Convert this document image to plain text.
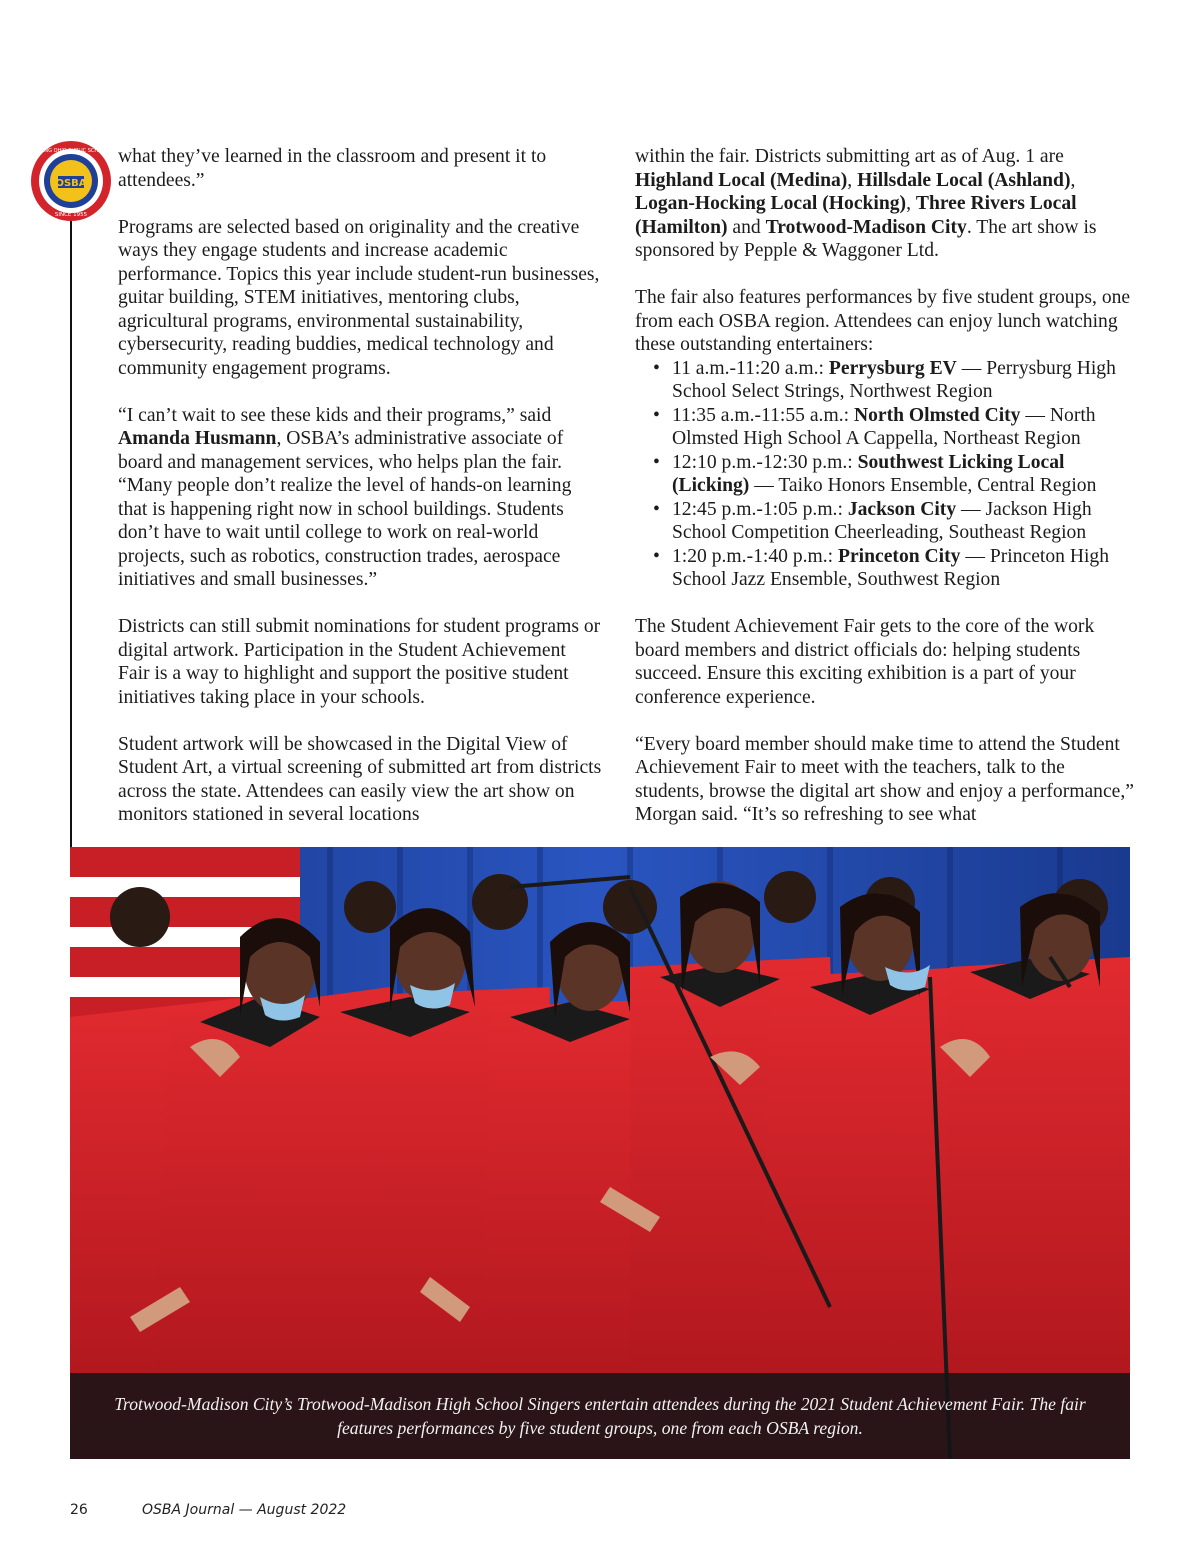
OSBA
SERVING OHIO PUBLIC SCHOOLS
SINCE 1955

what they’ve learned in the classroom and present it to attendees.”

Programs are selected based on originality and the creative ways they engage students and increase academic performance. Topics this year include student-run businesses, guitar building, STEM initiatives, mentoring clubs, agricultural programs, environmental sustainability, cybersecurity, reading buddies, medical technology and community engagement programs.

“I can’t wait to see these kids and their programs,” said Amanda Husmann, OSBA’s administrative associate of board and management services, who helps plan the fair. “Many people don’t realize the level of hands-on learning that is happening right now in school buildings. Students don’t have to wait until college to work on real-world projects, such as robotics, construction trades, aerospace initiatives and small businesses.”

Districts can still submit nominations for student programs or digital artwork. Participation in the Student Achievement Fair is a way to highlight and support the positive student initiatives taking place in your schools.

Student artwork will be showcased in the Digital View of Student Art, a virtual screening of submitted art from districts across the state. Attendees can easily view the art show on monitors stationed in several locations

within the fair. Districts submitting art as of Aug. 1 are Highland Local (Medina), Hillsdale Local (Ashland), Logan-Hocking Local (Hocking), Three Rivers Local (Hamilton) and Trotwood-Madison City. The art show is sponsored by Pepple & Waggoner Ltd.

The fair also features performances by five student groups, one from each OSBA region. Attendees can enjoy lunch watching these outstanding entertainers:

• 11 a.m.-11:20 a.m.: Perrysburg EV — Perrysburg High School Select Strings, Northwest Region
• 11:35 a.m.-11:55 a.m.: North Olmsted City — North Olmsted High School A Cappella, Northeast Region
• 12:10 p.m.-12:30 p.m.: Southwest Licking Local (Licking) — Taiko Honors Ensemble, Central Region
• 12:45 p.m.-1:05 p.m.: Jackson City — Jackson High School Competition Cheerleading, Southeast Region
• 1:20 p.m.-1:40 p.m.: Princeton City — Princeton High School Jazz Ensemble, Southwest Region

The Student Achievement Fair gets to the core of the work board members and district officials do: helping students succeed. Ensure this exciting exhibition is a part of your conference experience.

“Every board member should make time to attend the Student Achievement Fair to meet with the teachers, talk to the students, browse the digital art show and enjoy a performance,” Morgan said. “It’s so refreshing to see what

Trotwood-Madison City’s Trotwood-Madison High School Singers entertain attendees during the 2021 Student Achievement Fair. The fair features performances by five student groups, one from each OSBA region.
26	OSBA Journal — August 2022
